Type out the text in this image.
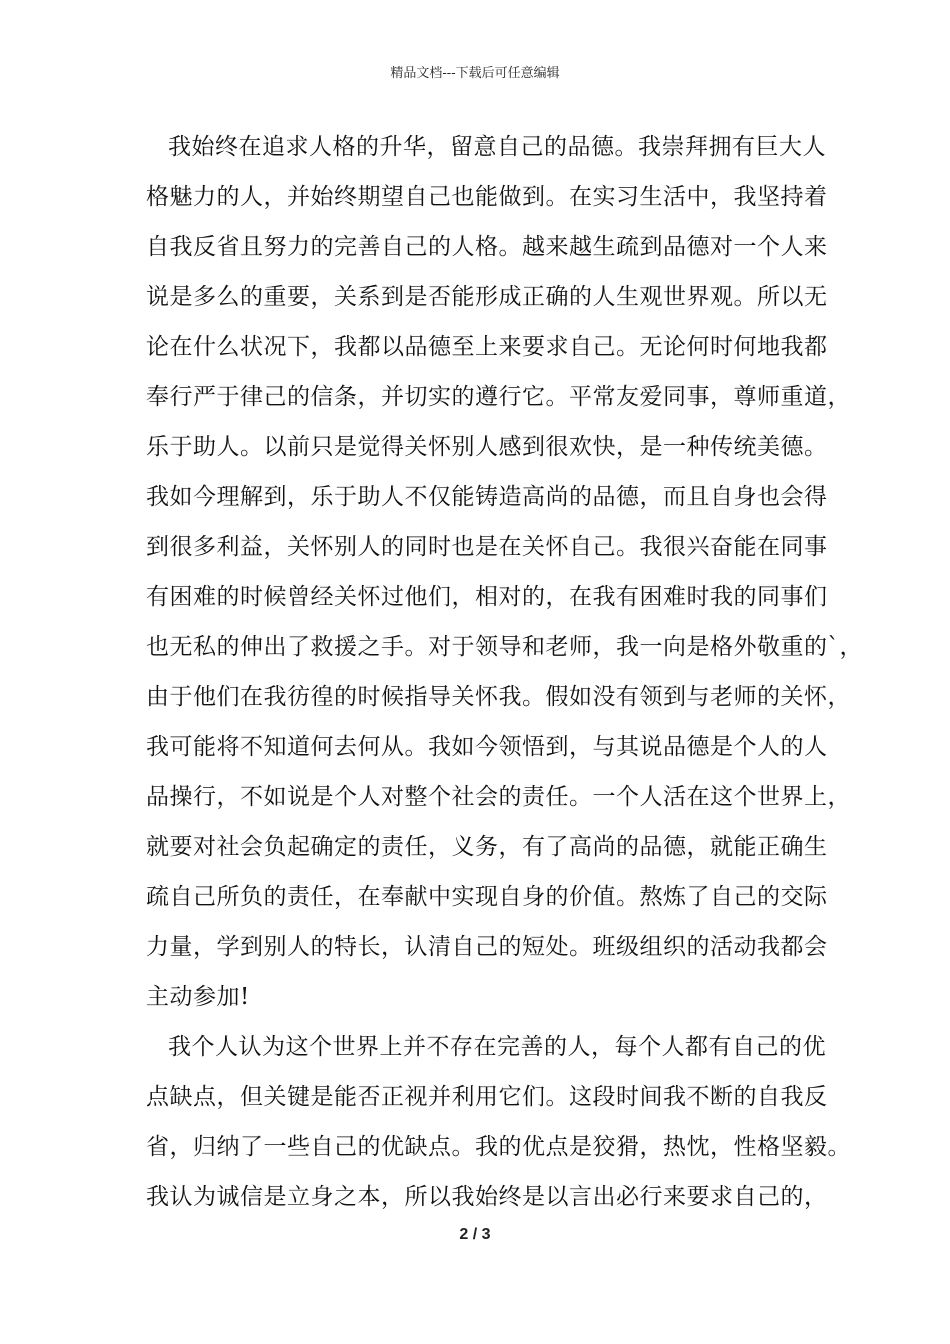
精品文档---下载后可任意编辑
我始终在追求人格的升华，留意自己的品德。我崇拜拥有巨大人
格魅力的人，并始终期望自己也能做到。在实习生活中，我坚持着
自我反省且努力的完善自己的人格。越来越生疏到品德对一个人来
说是多么的重要，关系到是否能形成正确的人生观世界观。所以无
论在什么状况下，我都以品德至上来要求自己。无论何时何地我都
奉行严于律己的信条，并切实的遵行它。平常友爱同事，尊师重道，
乐于助人。以前只是觉得关怀别人感到很欢快，是一种传统美德。
我如今理解到，乐于助人不仅能铸造高尚的品德，而且自身也会得
到很多利益，关怀别人的同时也是在关怀自己。我很兴奋能在同事
有困难的时候曾经关怀过他们，相对的，在我有困难时我的同事们
也无私的伸出了救援之手。对于领导和老师，我一向是格外敬重的`，
由于他们在我彷徨的时候指导关怀我。假如没有领到与老师的关怀，
我可能将不知道何去何从。我如今领悟到，与其说品德是个人的人
品操行，不如说是个人对整个社会的责任。一个人活在这个世界上，
就要对社会负起确定的责任，义务，有了高尚的品德，就能正确生
疏自己所负的责任，在奉献中实现自身的价值。熬炼了自己的交际
力量，学到别人的特长，认清自己的短处。班级组织的活动我都会
主动参加!
我个人认为这个世界上并不存在完善的人，每个人都有自己的优
点缺点，但关键是能否正视并利用它们。这段时间我不断的自我反
省，归纳了一些自己的优缺点。我的优点是狡猾，热忱，性格坚毅。
我认为诚信是立身之本，所以我始终是以言出必行来要求自己的，
2 / 3
